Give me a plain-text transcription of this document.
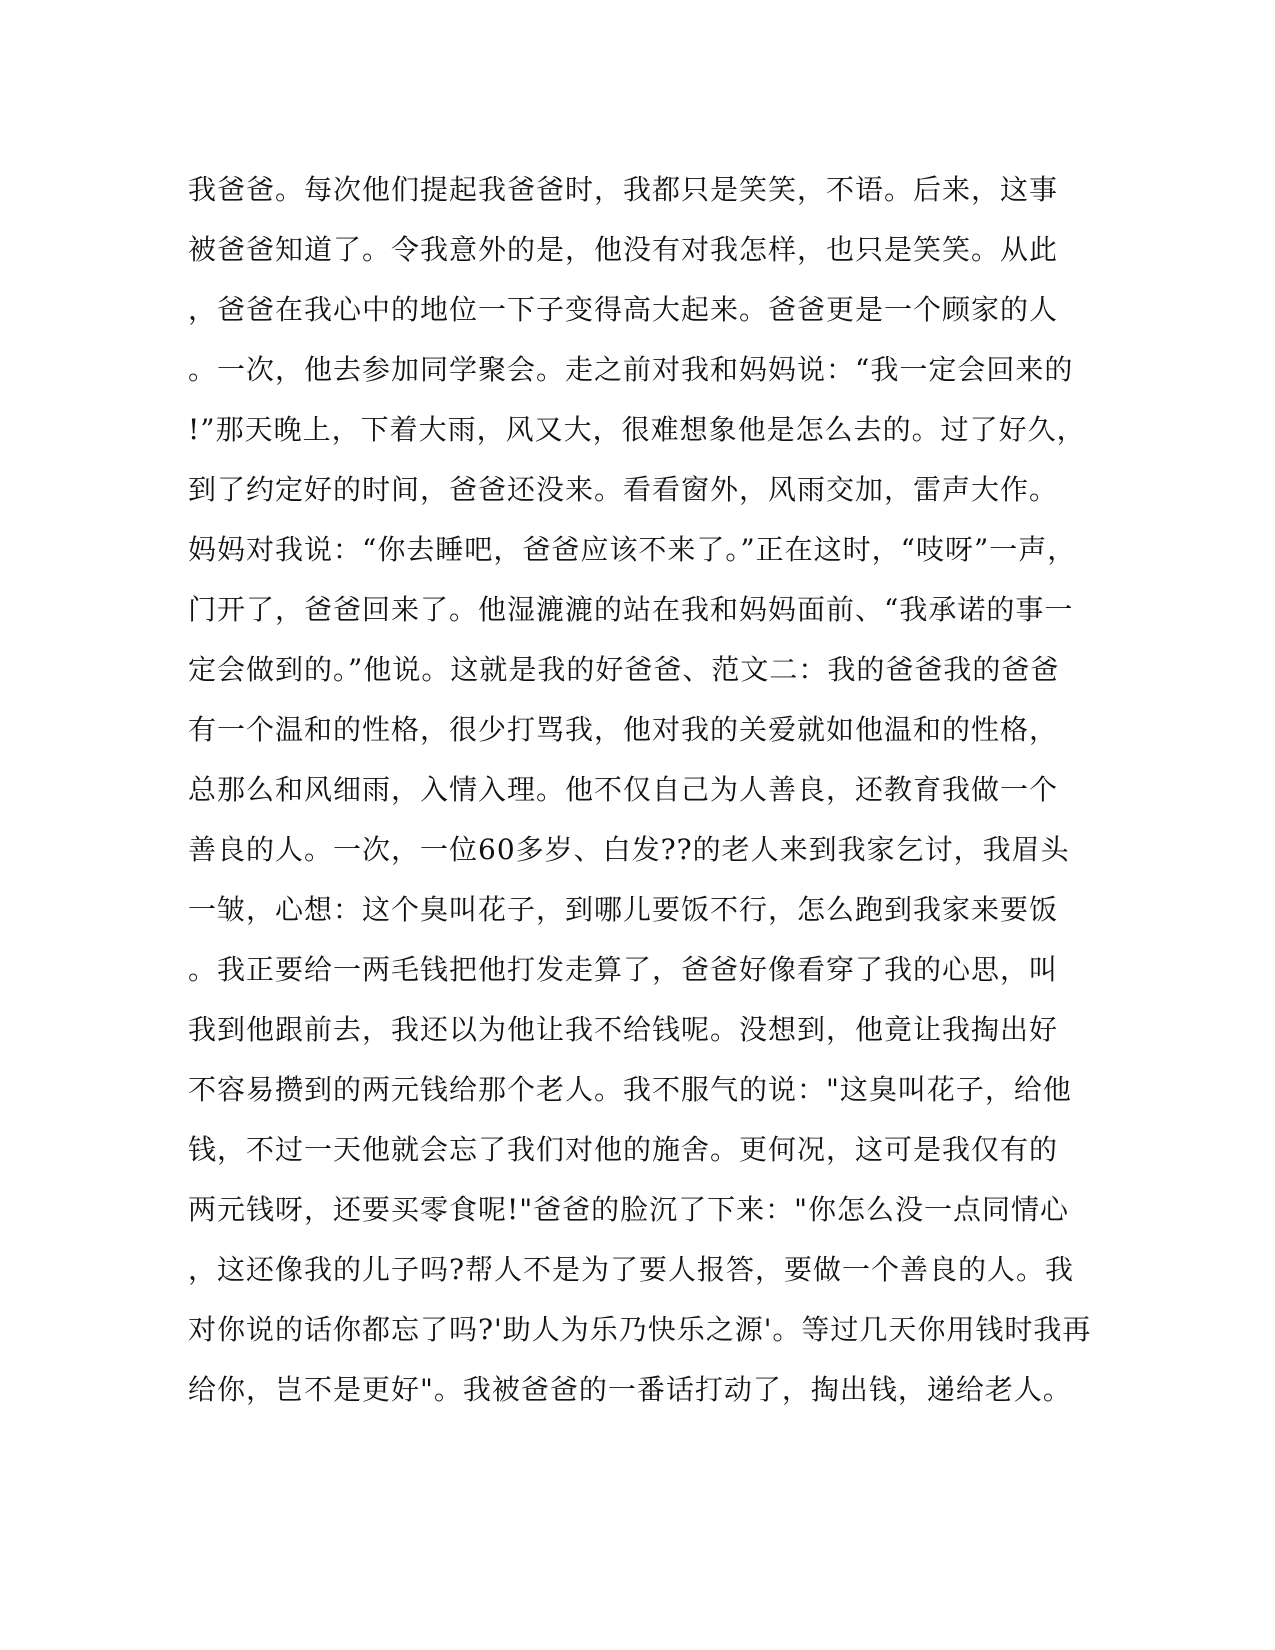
我爸爸。每次他们提起我爸爸时，我都只是笑笑，不语。后来，这事
被爸爸知道了。令我意外的是，他没有对我怎样，也只是笑笑。从此
，爸爸在我心中的地位一下子变得高大起来。爸爸更是一个顾家的人
。一次，他去参加同学聚会。走之前对我和妈妈说：“我一定会回来的
!”那天晚上，下着大雨，风又大，很难想象他是怎么去的。过了好久，
到了约定好的时间，爸爸还没来。看看窗外，风雨交加，雷声大作。
妈妈对我说：“你去睡吧，爸爸应该不来了。”正在这时，“吱呀”一声，
门开了，爸爸回来了。他湿漉漉的站在我和妈妈面前、“我承诺的事一
定会做到的。”他说。这就是我的好爸爸、范文二：我的爸爸我的爸爸
有一个温和的性格，很少打骂我，他对我的关爱就如他温和的性格，
总那么和风细雨，入情入理。他不仅自己为人善良，还教育我做一个
善良的人。一次，一位60多岁、白发??的老人来到我家乞讨，我眉头
一皱，心想：这个臭叫花子，到哪儿要饭不行，怎么跑到我家来要饭
。我正要给一两毛钱把他打发走算了，爸爸好像看穿了我的心思，叫
我到他跟前去，我还以为他让我不给钱呢。没想到，他竟让我掏出好
不容易攒到的两元钱给那个老人。我不服气的说："这臭叫花子，给他
钱，不过一天他就会忘了我们对他的施舍。更何况，这可是我仅有的
两元钱呀，还要买零食呢!"爸爸的脸沉了下来："你怎么没一点同情心
，这还像我的儿子吗?帮人不是为了要人报答，要做一个善良的人。我
对你说的话你都忘了吗?'助人为乐乃快乐之源'。等过几天你用钱时我再
给你，岂不是更好"。我被爸爸的一番话打动了，掏出钱，递给老人。
